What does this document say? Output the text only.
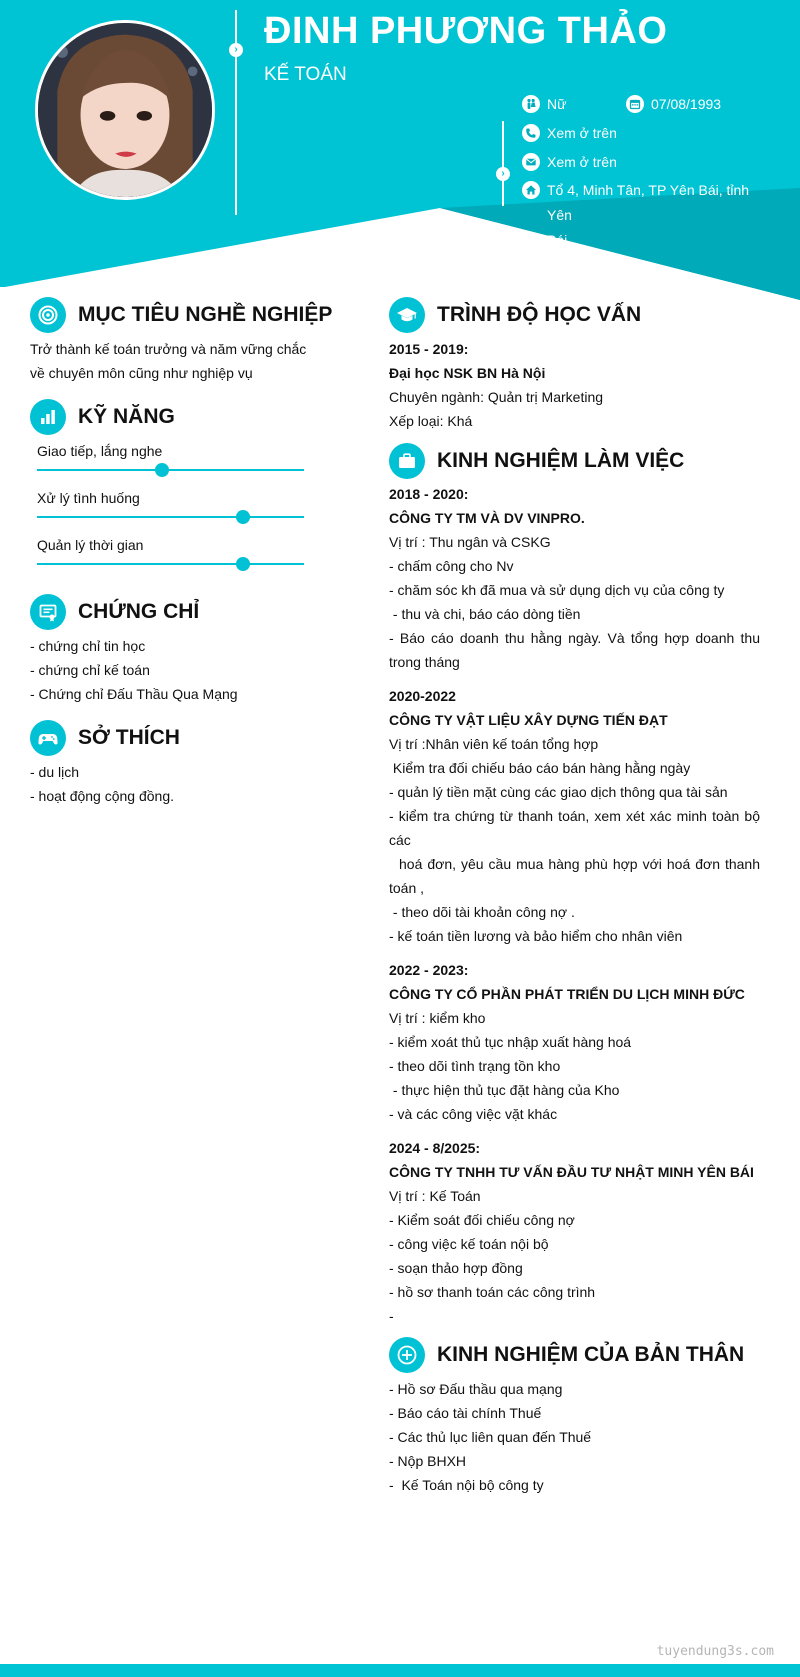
› ĐINH PHƯƠNG THẢO
KẾ TOÁN
›
Nữ	07/08/1993
Xem ở trên
Xem ở trên
Tổ 4, Minh Tân, TP Yên Bái, tỉnh Yên
Bái
MỤC TIÊU NGHỀ NGHIỆP
Trở thành kế toán trưởng và năm vững chắc
về chuyên môn cũng như nghiệp vụ
KỸ NĂNG
Giao tiếp, lắng nghe
Xử lý tình huống
Quản lý thời gian
CHỨNG CHỈ
- chứng chỉ tin học
- chứng chỉ kế toán
- Chứng chỉ Đấu Thầu Qua Mạng
SỞ THÍCH
- du lịch
- hoạt động cộng đồng.
TRÌNH ĐỘ HỌC VẤN
2015 - 2019:
Đại học NSK BN Hà Nội
Chuyên ngành: Quản trị Marketing
Xếp loại: Khá
KINH NGHIỆM LÀM VIỆC
2018 - 2020:
CÔNG TY TM VÀ DV VINPRO.
Vị trí : Thu ngân và CSKG
- chấm công cho Nv
- chăm sóc kh đã mua và sử dụng dịch vụ của công ty
- thu và chi, báo cáo dòng tiền
- Báo cáo doanh thu hằng ngày. Và tổng hợp doanh thu
trong tháng
2020-2022
CÔNG TY VẬT LIỆU XÂY DỰNG TIẾN ĐẠT
Vị trí :Nhân viên kế toán tổng hợp
Kiểm tra đối chiếu báo cáo bán hàng hằng ngày
- quản lý tiền mặt cùng các giao dịch thông qua tài sản
- kiểm tra chứng từ thanh toán, xem xét xác minh toàn bộ
các
hoá đơn, yêu cầu mua hàng phù hợp với hoá đơn thanh
toán ,
- theo dõi tài khoản công nợ .
- kế toán tiền lương và bảo hiểm cho nhân viên
2022 - 2023:
CÔNG TY CỔ PHẦN PHÁT TRIỂN DU LỊCH MINH ĐỨC
Vị trí : kiểm kho
- kiểm xoát thủ tục nhập xuất hàng hoá
- theo dõi tình trạng tồn kho
- thực hiện thủ tục đặt hàng của Kho
- và các công việc vặt khác
2024 - 8/2025:
CÔNG TY TNHH TƯ VẤN ĐẦU TƯ NHẬT MINH YÊN BÁI
Vị trí : Kế Toán
- Kiểm soát đối chiếu công nợ
- công việc kế toán nội bộ
- soạn thảo hợp đồng
- hồ sơ thanh toán các công trình
-
KINH NGHIỆM CỦA BẢN THÂN
- Hồ sơ Đấu thầu qua mạng
- Báo cáo tài chính Thuế
- Các thủ lục liên quan đến Thuế
- Nộp BHXH
-  Kế Toán nội bộ công ty
tuyendung3s.com
